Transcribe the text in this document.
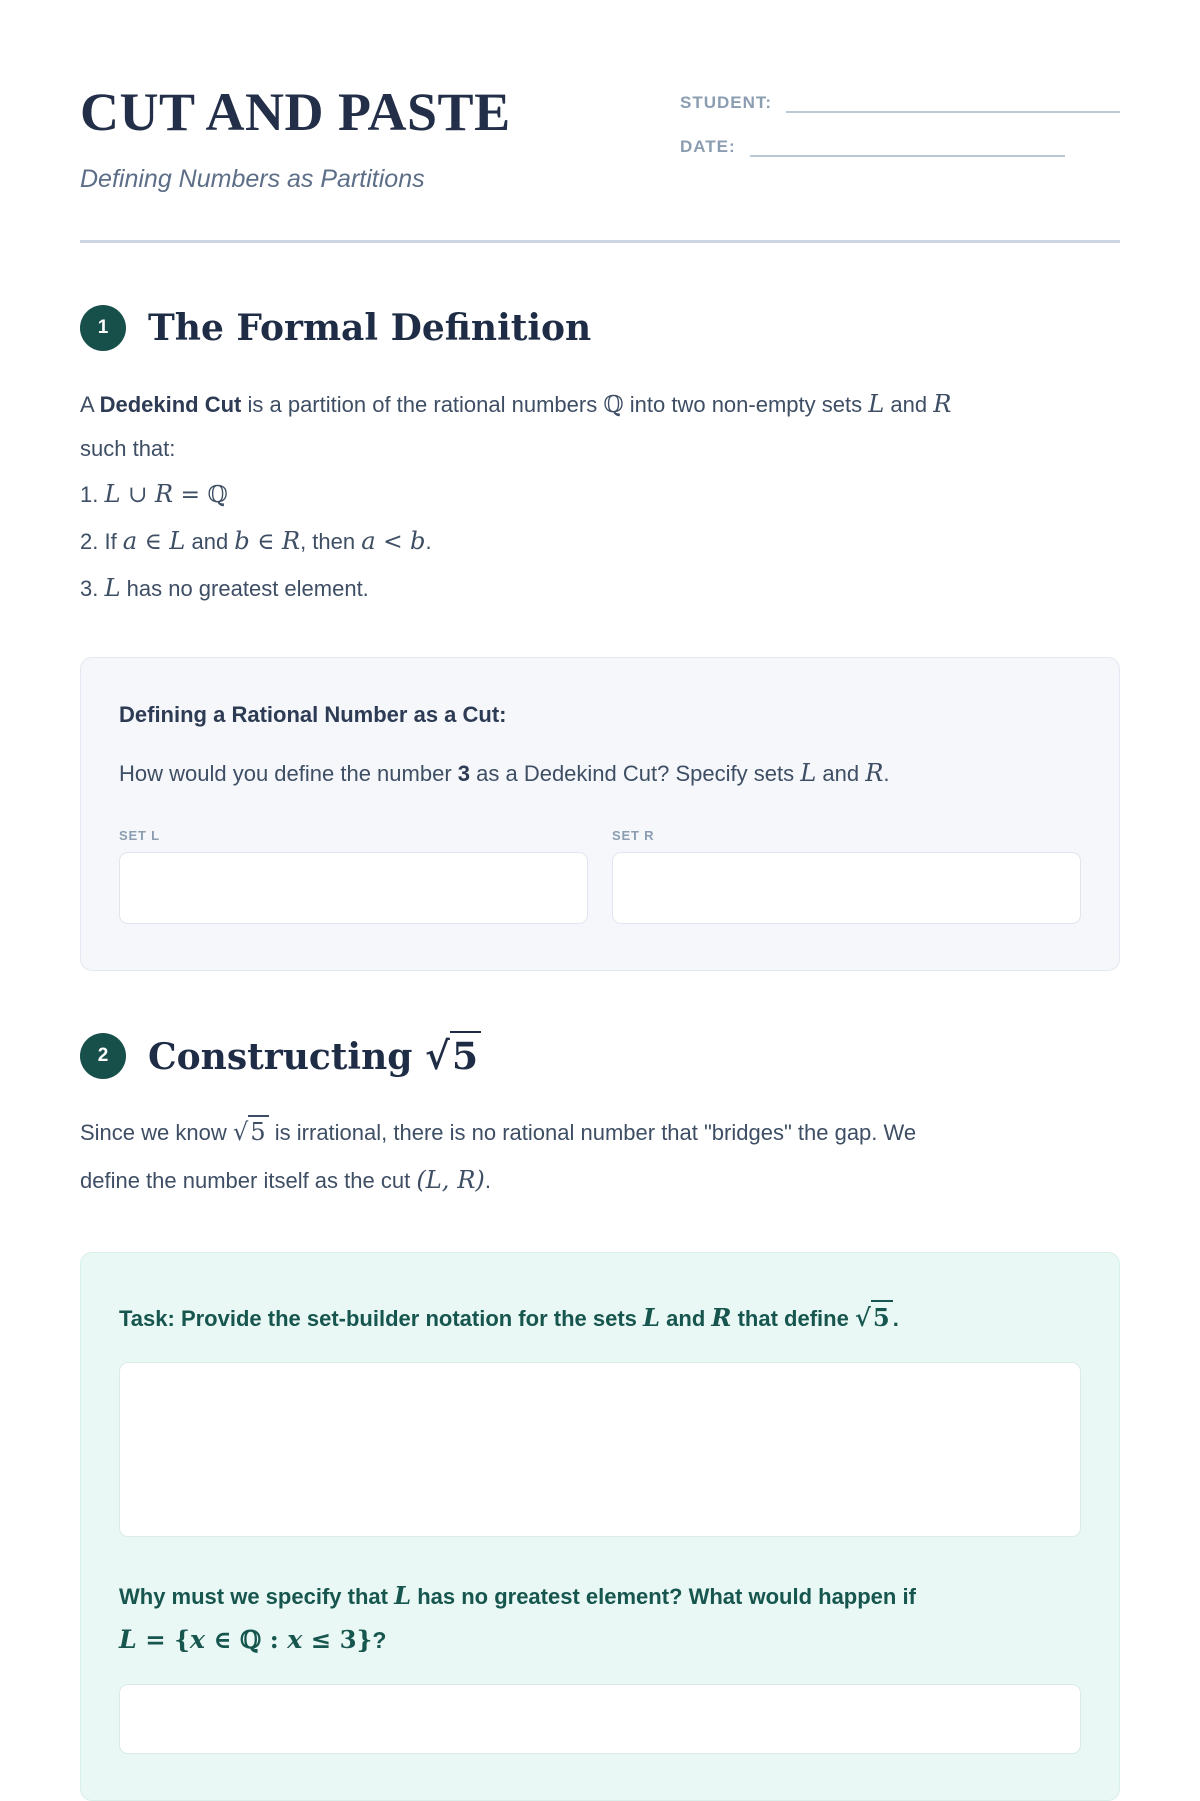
CUT AND PASTE
Defining Numbers as Partitions
STUDENT:
DATE:
1	The Formal Definition

A Dedekind Cut is a partition of the rational numbers ℚ into two non-empty sets L and R
such that:

1. L ∪ R = ℚ
2. If a ∈ L and b ∈ R, then a < b.
3. L has no greatest element.
Defining a Rational Number as a Cut:

How would you define the number 3 as a Dedekind Cut? Specify sets L and R.

SET L	SET R
2	Constructing √5

Since we know √5 is irrational, there is no rational number that "bridges" the gap. We
define the number itself as the cut (L, R).

Task: Provide the set-builder notation for the sets L and R that define √5 .
Why must we specify that L has no greatest element? What would happen if
L = {x ∈ ℚ : x ≤ 3}?
